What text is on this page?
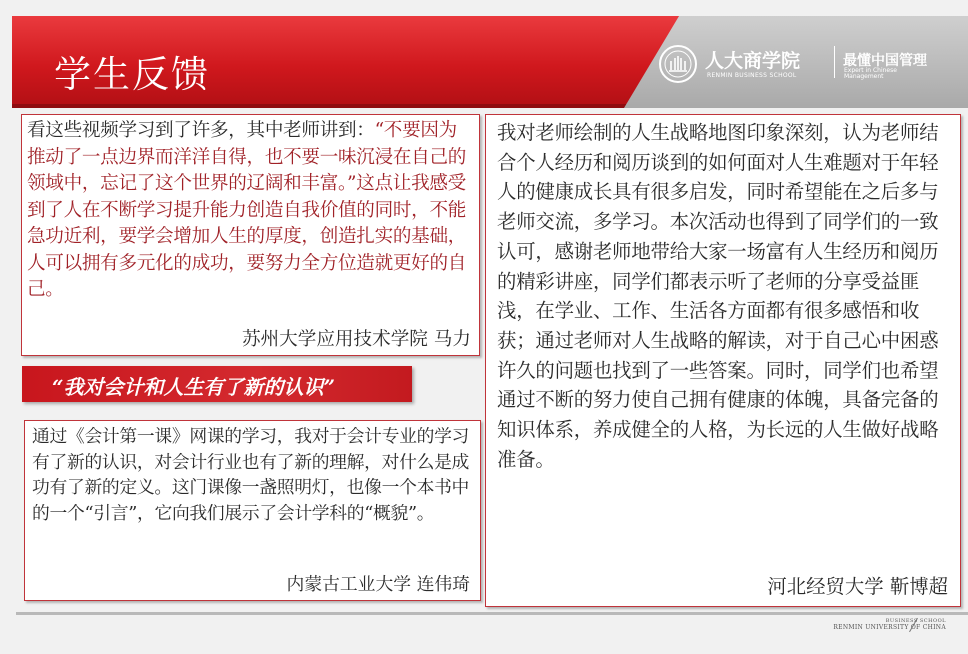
学生反馈	人大商学院
RENMIN BUSINESS SCHOOL
最懂中国管理
Expert in Chinese Management

看这些视频学习到了许多，其中老师讲到：“不要因为推动了一点边界而洋洋自得，也不要一味沉浸在自己的领域中，忘记了这个世界的辽阔和丰富。”这点让我感受到了人在不断学习提升能力创造自我价值的同时，不能急功近利，要学会增加人生的厚度，创造扎实的基础，人可以拥有多元化的成功，要努力全方位造就更好的自己。

苏州大学应用技术学院 马力
“我对会计和人生有了新的认识”

通过《会计第一课》网课的学习，我对于会计专业的学习有了新的认识，对会计行业也有了新的理解，对什么是成功有了新的定义。这门课像一盏照明灯，也像一个本书中的一个“引言”，它向我们展示了会计学科的“概貌”。

内蒙古工业大学 连伟琦

我对老师绘制的人生战略地图印象深刻，认为老师结合个人经历和阅历谈到的如何面对人生难题对于年轻人的健康成长具有很多启发，同时希望能在之后多与老师交流，多学习。本次活动也得到了同学们的一致认可，感谢老师地带给大家一场富有人生经历和阅历的精彩讲座，同学们都表示听了老师的分享受益匪浅，在学业、工作、生活各方面都有很多感悟和收获；通过老师对人生战略的解读，对于自己心中困惑许久的问题也找到了一些答案。同时，同学们也希望通过不断的努力使自己拥有健康的体魄，具备完备的知识体系，养成健全的人格，为长远的人生做好战略准备。

河北经贸大学 靳博超
BUSINESS SCHOOL
RENMIN UNIVERSITY OF CHINA
